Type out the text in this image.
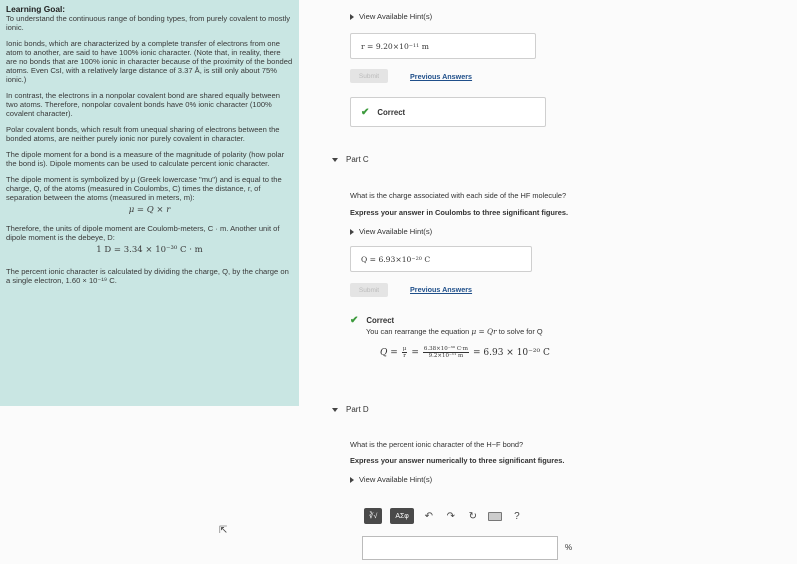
Learning Goal:

To understand the continuous range of bonding types, from purely covalent to mostly ionic.

Ionic bonds, which are characterized by a complete transfer of electrons from one atom to another, are said to have 100% ionic character. (Note that, in reality, there are no bonds that are 100% ionic in character because of the proximity of the bonded atoms. Even CsI, with a relatively large distance of 3.37 Å, is still only about 75% ionic.)

In contrast, the electrons in a nonpolar covalent bond are shared equally between two atoms. Therefore, nonpolar covalent bonds have 0% ionic character (100% covalent character).

Polar covalent bonds, which result from unequal sharing of electrons between the bonded atoms, are neither purely ionic nor purely covalent in character.

The dipole moment for a bond is a measure of the magnitude of polarity (how polar the bond is). Dipole moments can be used to calculate percent ionic character.

The dipole moment is symbolized by μ (Greek lowercase "mu") and is equal to the charge, Q, of the atoms (measured in Coulombs, C) times the distance, r, of separation between the atoms (measured in meters, m):

μ = Q × r

Therefore, the units of dipole moment are Coulomb-meters, C · m. Another unit of dipole moment is the debeye, D:

1 D = 3.34 × 10⁻³⁰ C · m

The percent ionic character is calculated by dividing the charge, Q, by the charge on a single electron, 1.60 × 10⁻¹⁹ C.

View Available Hint(s)
r =
9.20×10 −11
m
Submit	Previous Answers
✔ Correct
Part C
What is the charge associated with each side of the HF molecule?
Express your answer in Coulombs to three significant figures.
View Available Hint(s)
Q =
6.93×10 −20
C
Submit	Previous Answers
✔ Correct
You can rearrange the equation μ = Qr to solve for Q
$Q = \frac{\mu}{r} = \frac{\text{6.38×10⁻³⁰ C·m}}{\text{9.2×10⁻¹¹ m}} = 6.93 \times 10^{-20}$ C
Part D
What is the percent ionic character of the H−F bond?
Express your answer numerically to three significant figures.
View Available Hint(s)
∛√	ΑΣφ	↶ ↷ ↻	?
%
⇱
